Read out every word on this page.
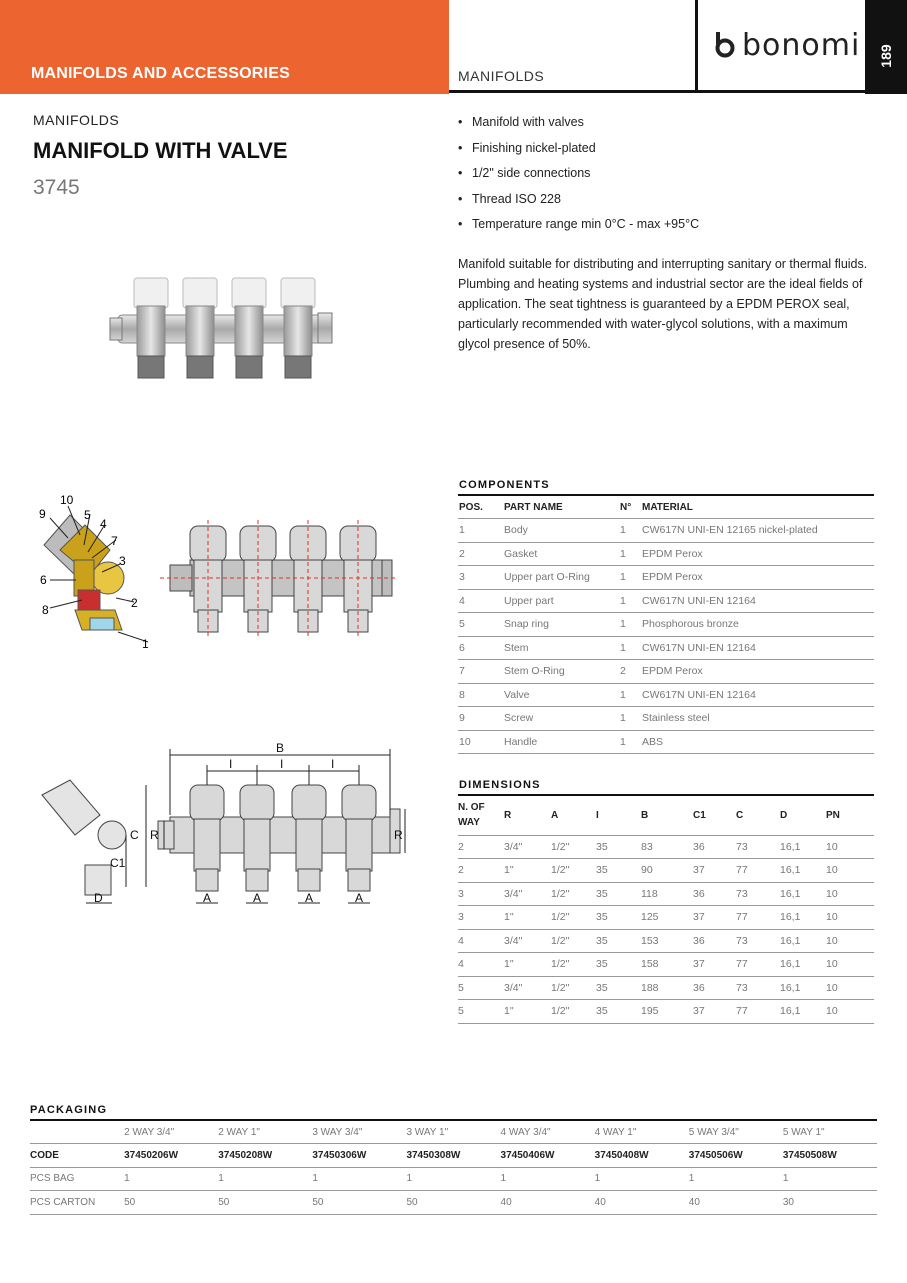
MANIFOLDS AND ACCESSORIES	MANIFOLDS
bonomi 189
MANIFOLDS
MANIFOLD WITH VALVE
3745
• Manifold with valves
• Finishing nickel-plated
• 1/2" side connections
• Thread ISO 228
• Temperature range min 0°C - max +95°C
Manifold suitable for distributing and interrupting sanitary or thermal fluids. Plumbing and heating systems and industrial sector are the ideal fields of application. The seat tightness is guaranteed by a EPDM PEROX seal, particularly recommended with water-glycol solutions, with a maximum glycol presence of 50%.
10
9	5
4
7
3
6
8	2
1
B
I	I	I
C R
C1
R
D	A	A	A	A
COMPONENTS
POS.	PART NAME	N°	MATERIAL
1	Body	1	CW617N UNI-EN 12165 nickel-plated
2	Gasket	1	EPDM Perox
3	Upper part O-Ring	1	EPDM Perox
4	Upper part	1	CW617N UNI-EN 12164
5	Snap ring	1	Phosphorous bronze
6	Stem	1	CW617N UNI-EN 12164
7	Stem O-Ring	2	EPDM Perox
8	Valve	1	CW617N UNI-EN 12164
9	Screw	1	Stainless steel
10	Handle	1	ABS
DIMENSIONS
N. OF WAY	R	A	I	B	C1	C	D	PN
2	3/4"	1/2"	35	83	36	73	16,1	10
2	1"	1/2"	35	90	37	77	16,1	10
3	3/4"	1/2"	35	118	36	73	16,1	10
3	1"	1/2"	35	125	37	77	16,1	10
4	3/4"	1/2"	35	153	36	73	16,1	10
4	1"	1/2"	35	158	37	77	16,1	10
5	3/4"	1/2"	35	188	36	73	16,1	10
5	1"	1/2"	35	195	37	77	16,1	10
PACKAGING
	2 WAY 3/4"	2 WAY 1"	3 WAY 3/4"	3 WAY 1"	4 WAY 3/4"	4 WAY 1"	5 WAY 3/4"	5 WAY 1"
CODE	37450206W	37450208W	37450306W	37450308W	37450406W	37450408W	37450506W	37450508W
PCS BAG	1	1	1	1	1	1	1	1
PCS CARTON	50	50	50	50	40	40	40	30
